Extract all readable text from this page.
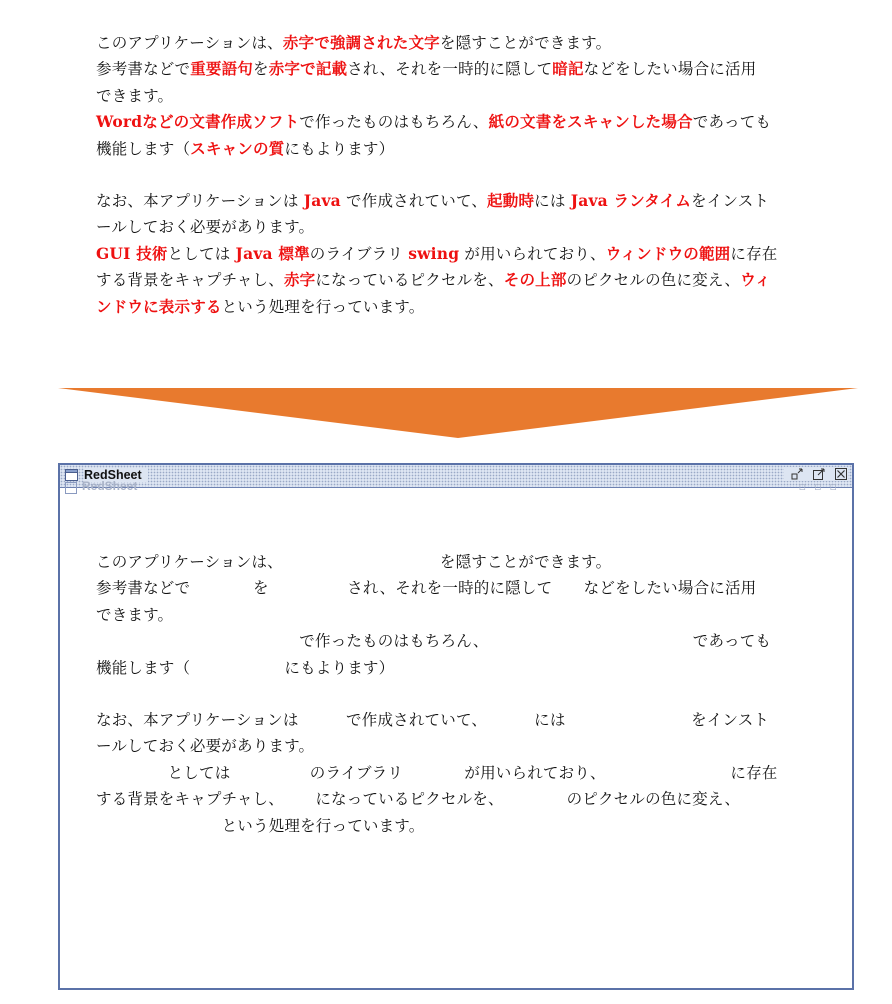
このアプリケーションは、赤字で強調された文字を隠すことができます。

参考書などで重要語句を赤字で記載され、それを一時的に隠して暗記などをしたい場合に活用

できます。

Wordなどの文書作成ソフトで作ったものはもちろん、紙の文書をスキャンした場合であっても

機能します（スキャンの質にもよります）

なお、本アプリケーションは Java で作成されていて、起動時には Java ランタイムをインスト

ールしておく必要があります。

GUI 技術としては Java 標準のライブラリ swing が用いられており、ウィンドウの範囲に存在

する背景をキャプチャし、赤字になっているピクセルを、その上部のピクセルの色に変え、ウィ

ンドウに表示するという処理を行っています。

RedSheet
RedSheet	▫▫▫

このアプリケーションは、	を隠すことができます。

参考書などで	を	され、それを一時的に隠して などをしたい場合に活用

できます。

で作ったものはもちろん、	であっても

機能します（	にもよります）

なお、本アプリケーションは で作成されていて、	には	をインスト

ールしておく必要があります。

としては	のライブラリ	が用いられており、	に存在

する背景をキャプチャし、 になっているピクセルを、	のピクセルの色に変え、

という処理を行っています。
